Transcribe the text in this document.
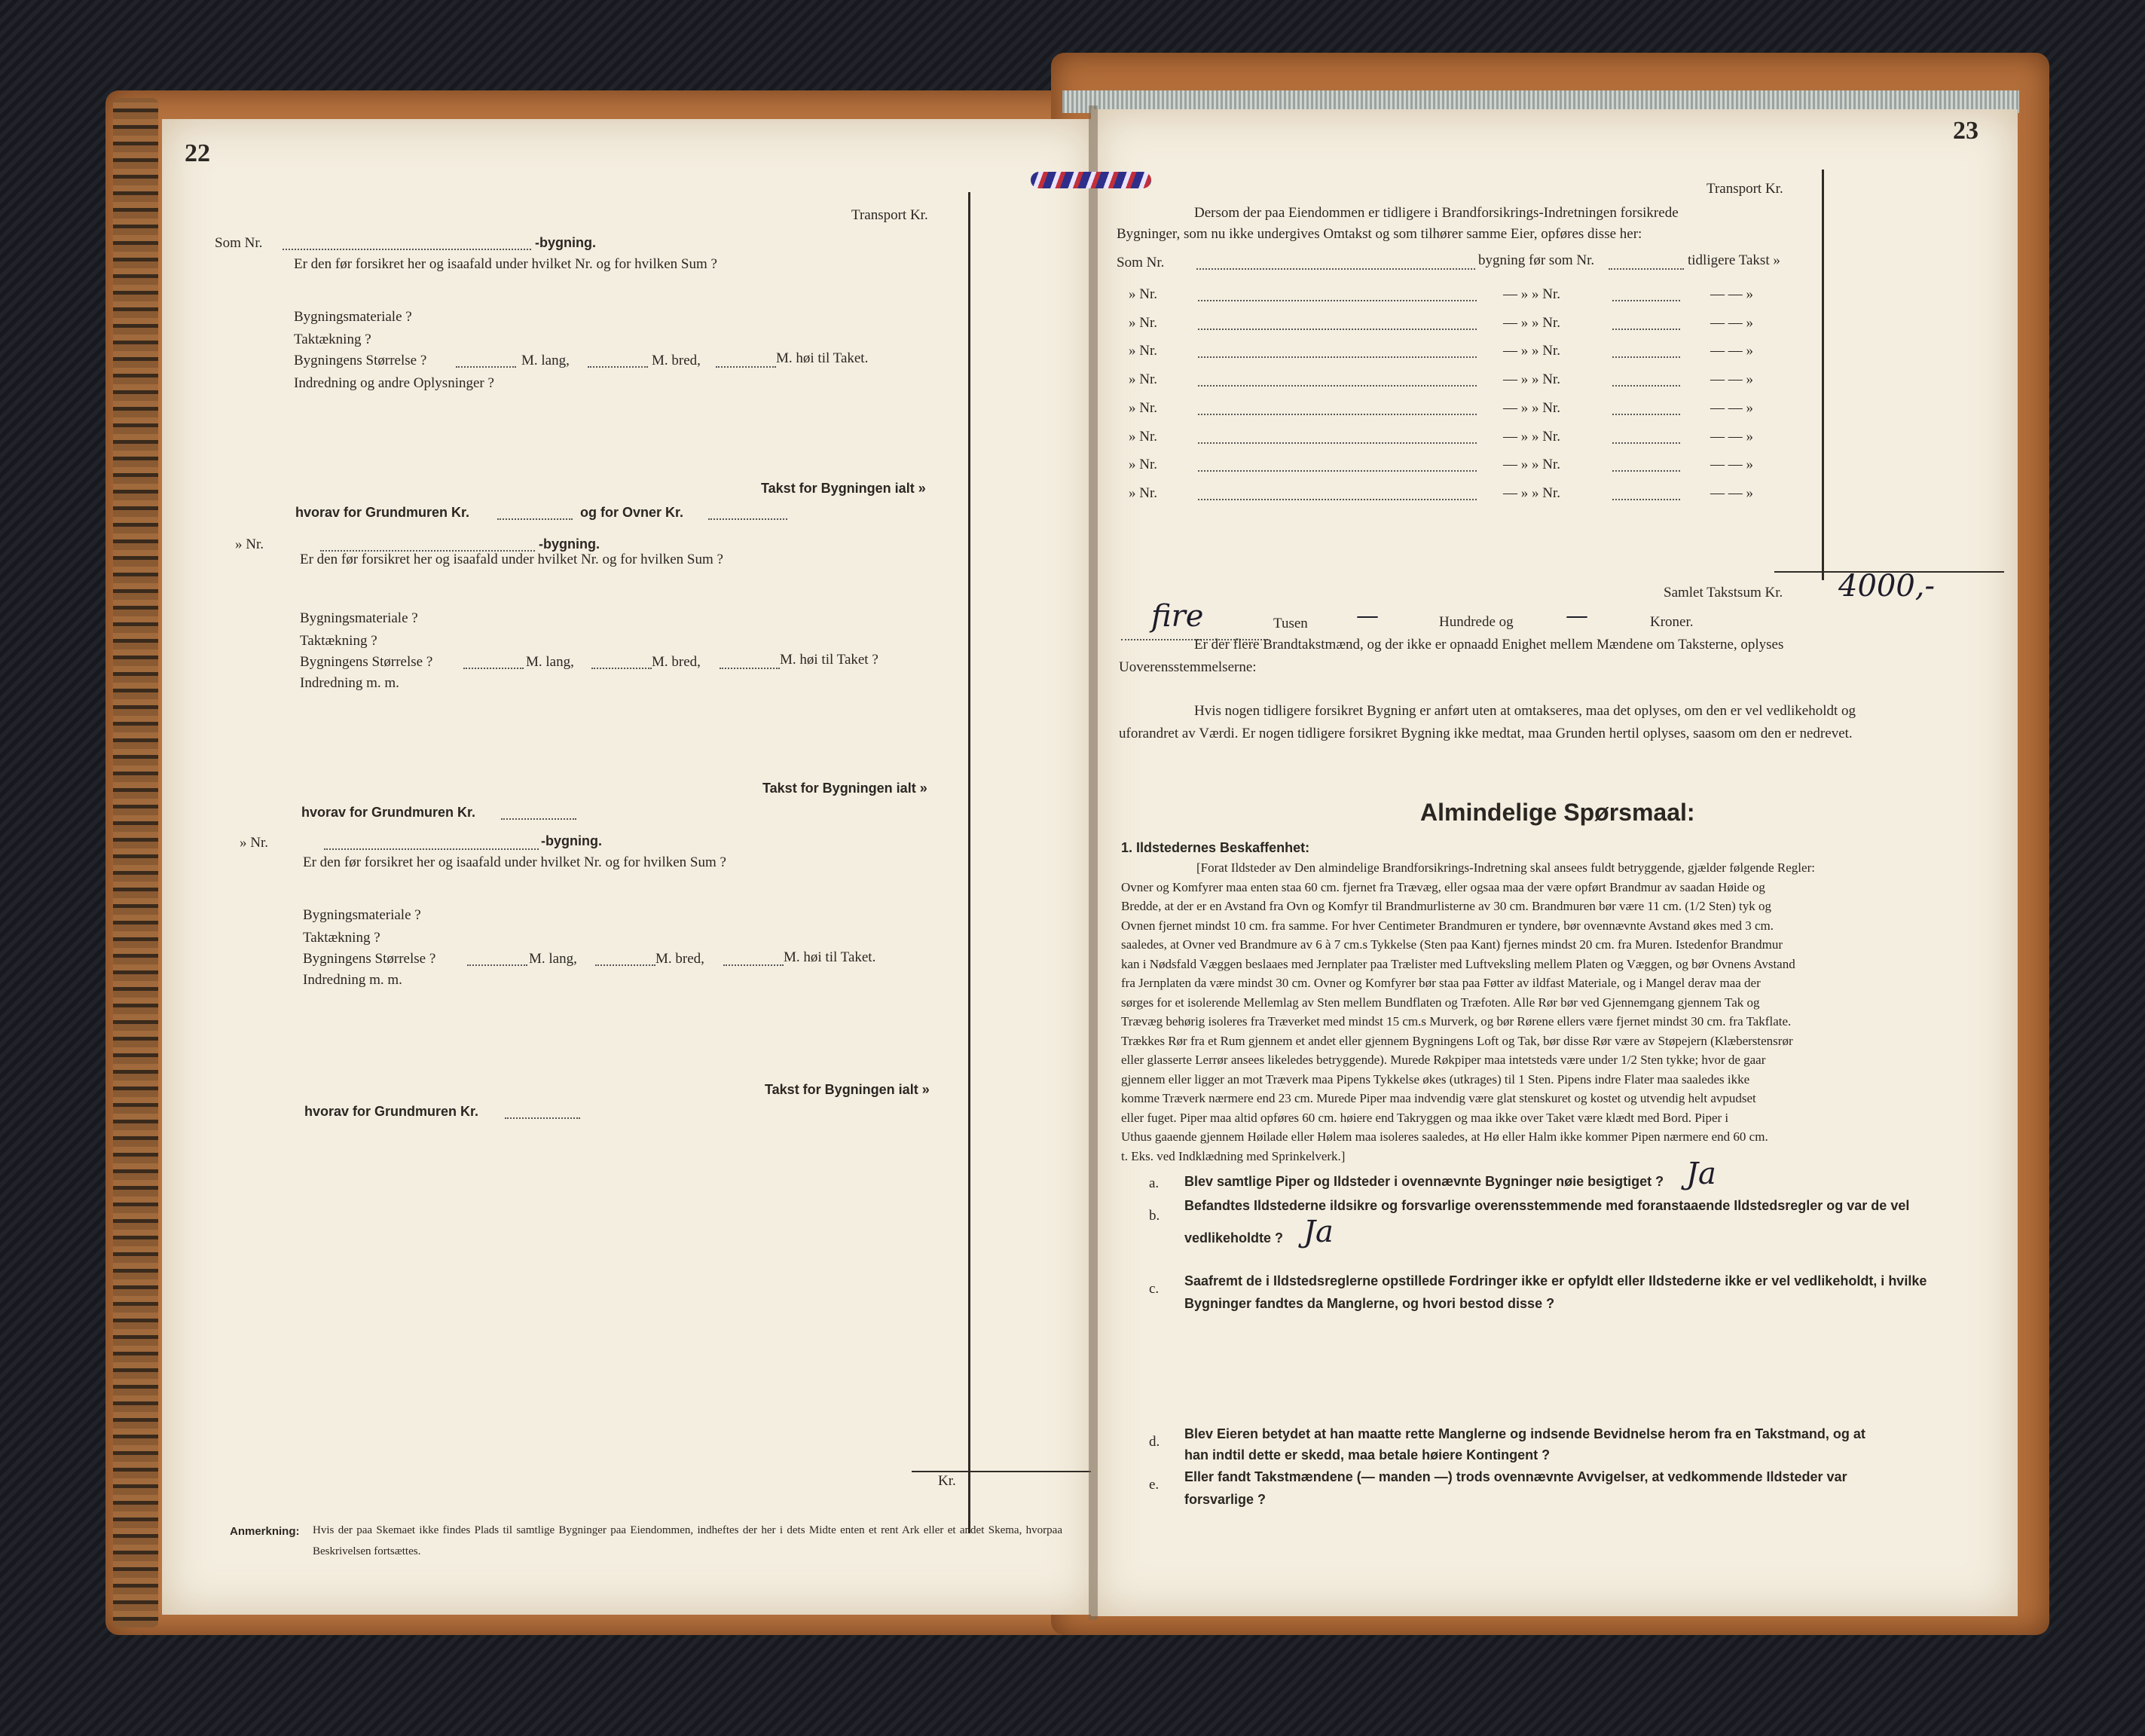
22
Transport Kr.
Som Nr.	-bygning.
Er den før forsikret her og isaafald under hvilket Nr. og for hvilken Sum ?
Bygningsmateriale ?
Taktækning ?
Bygningens Størrelse ?	M. lang,	M. bred,	M. høi til Taket.
Indredning og andre Oplysninger ?
Takst for Bygningen ialt »
hvorav for Grundmuren Kr.	og for Ovner Kr.
» Nr.	-bygning.
Er den før forsikret her og isaafald under hvilket Nr. og for hvilken Sum ?
Bygningsmateriale ?
Taktækning ?
Bygningens Størrelse ?	M. lang,	M. bred,	M. høi til Taket ?
Indredning m. m.
Takst for Bygningen ialt »
hvorav for Grundmuren Kr.
» Nr.	-bygning.
Er den før forsikret her og isaafald under hvilket Nr. og for hvilken Sum ?
Bygningsmateriale ?
Taktækning ?
Bygningens Størrelse ?	M. lang,	M. bred,	M. høi til Taket.
Indredning m. m.
Takst for Bygningen ialt »
hvorav for Grundmuren Kr.
Kr.
Anmerkning: Hvis der paa Skemaet ikke findes Plads til samtlige Bygninger paa Eiendommen, indheftes der her i dets Midte enten et rent Ark eller et andet Skema, hvorpaa Beskrivelsen fortsættes.
23
Transport Kr.
Dersom der paa Eiendommen er tidligere i Brandforsikrings-Indretningen forsikrede
Bygninger, som nu ikke undergives Omtakst og som tilhører samme Eier, opføres disse her:
Som Nr.	bygning før som Nr.	tidligere Takst »
» Nr.	— » » Nr.	— — »
» Nr.	— » » Nr.	— — »
» Nr.	— » » Nr.	— — »
» Nr.	— » » Nr.	— — »
» Nr.	— » » Nr.	— — »
» Nr.	— » » Nr.	— — »
» Nr.	— » » Nr.	— — »
» Nr.	— » » Nr.	— — »
Samlet Takstsum Kr. 4000,-
fire	Tusen —	Hundrede og —	Kroner.
Er der flere Brandtakstmænd, og der ikke er opnaadd Enighet mellem Mændene om Taksterne, oplyses
Uoverensstemmelserne:
Hvis nogen tidligere forsikret Bygning er anført uten at omtakseres, maa det oplyses, om den er vel vedlikeholdt og
uforandret av Værdi. Er nogen tidligere forsikret Bygning ikke medtat, maa Grunden hertil oplyses, saasom om den er nedrevet.
Almindelige Spørsmaal:
1. Ildstedernes Beskaffenhet:
[Forat Ildsteder av Den almindelige Brandforsikrings-Indretning skal ansees fuldt betryggende, gjælder følgende Regler:
Ovner og Komfyrer maa enten staa 60 cm. fjernet fra Trævæg, eller ogsaa maa der være opført Brandmur av saadan Høide og
Bredde, at der er en Avstand fra Ovn og Komfyr til Brandmurlisterne av 30 cm. Brandmuren bør være 11 cm. (1/2 Sten) tyk og
Ovnen fjernet mindst 10 cm. fra samme. For hver Centimeter Brandmuren er tyndere, bør ovennævnte Avstand økes med 3 cm.
saaledes, at Ovner ved Brandmure av 6 à 7 cm.s Tykkelse (Sten paa Kant) fjernes mindst 20 cm. fra Muren. Istedenfor Brandmur
kan i Nødsfald Væggen beslaaes med Jernplater paa Trælister med Luftveksling mellem Platen og Væggen, og bør Ovnens Avstand
fra Jernplaten da være mindst 30 cm. Ovner og Komfyrer bør staa paa Føtter av ildfast Materiale, og i Mangel derav maa der
sørges for et isolerende Mellemlag av Sten mellem Bundflaten og Træfoten. Alle Rør bør ved Gjennemgang gjennem Tak og
Trævæg behørig isoleres fra Træverket med mindst 15 cm.s Murverk, og bør Rørene ellers være fjernet mindst 30 cm. fra Takflate.
Trækkes Rør fra et Rum gjennem et andet eller gjennem Bygningens Loft og Tak, bør disse Rør være av Støpejern (Klæberstensrør
eller glasserte Lerrør ansees likeledes betryggende). Murede Røkpiper maa intetsteds være under 1/2 Sten tykke; hvor de gaar
gjennem eller ligger an mot Træverk maa Pipens Tykkelse økes (utkrages) til 1 Sten. Pipens indre Flater maa saaledes ikke
komme Træverk nærmere end 23 cm. Murede Piper maa indvendig være glat stenskuret og kostet og utvendig helt avpudset
eller fuget. Piper maa altid opføres 60 cm. høiere end Takryggen og maa ikke over Taket være klædt med Bord. Piper i
Uthus gaaende gjennem Høilade eller Hølem maa isoleres saaledes, at Hø eller Halm ikke kommer Pipen nærmere end 60 cm.
t. Eks. ved Indklædning med Sprinkelverk.]
a. Blev samtlige Piper og Ildsteder i ovennævnte Bygninger nøie besigtiget ? Ja
b.
Befandtes Ildstederne ildsikre og forsvarlige overensstemmende med foranstaaende Ildstedsregler og var de vel
vedlikeholdte ? Ja
c. Saafremt de i Ildstedsreglerne opstillede Fordringer ikke er opfyldt eller Ildstederne ikke er vel vedlikeholdt, i hvilke
Bygninger fandtes da Manglerne, og hvori bestod disse ?
d. Blev Eieren betydet at han maatte rette Manglerne og indsende Bevidnelse herom fra en Takstmand, og at
han indtil dette er skedd, maa betale høiere Kontingent ?
e. Eller fandt Takstmændene (— manden —) trods ovennævnte Avvigelser, at vedkommende Ildsteder var
forsvarlige ?
